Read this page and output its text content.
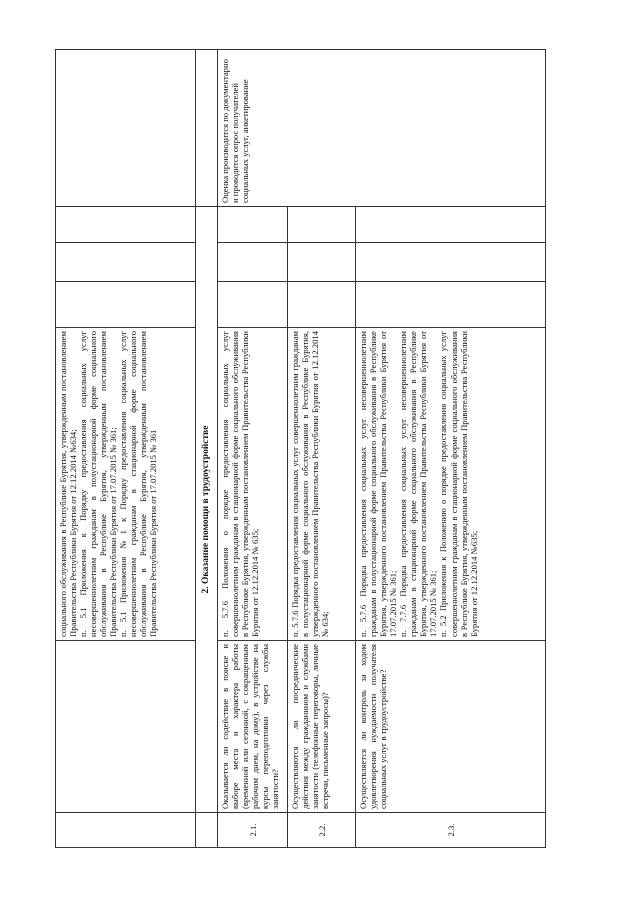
		социального обслуживания в Республике Бурятия, утвержденным постановлением Правительства Республики Бурятия от 12.12.2014 №634; п. 5.1 Приложения к Порядку предоставления социальных услуг несовершеннолетним гражданам в полустационарной форме социального обслуживания в Республике Бурятия, утвержденным постановлением Правительства Республики Бурятия от 17.07.2015 № 361; п. 5.1 Приложения №1 к Порядку предоставления социальных услуг несовершеннолетним гражданам в стационарной форме социального обслуживания в Республике Бурятия, утвержденным постановлением Правительства Республики Бурятия от 17.07.2015 № 361				

	2. Оказание помощи в трудоустройстве					
2.1.	Оказывается ли содействие в поиске и выборе места и характера работы (временной или сезонной, с сокращенным рабочим днем, на дому), в устройстве на курсы переподготовки через службы занятости?	п. 5.7.6 Положения о порядке предоставления социальных услуг совершеннолетним гражданам в стационарной форме социального обслуживания в Республике Бурятия, утвержденным постановлением Правительства Республики Бурятия от 12.12.2014 № 635;				Оценка производится по документарно и проводится опрос получателей социальных услуг, анкетирование
2.2.	Осуществляются ли посреднические действия между гражданином и службами занятости (телефонные переговоры, личные встречи, письменные запросы)?	п. 5.7.6 Порядка предоставления социальных услуг совершеннолетним гражданам в полустационарной форме социального обслуживания в Республике Бурятия, утвержденного постановлением Правительства Республики Бурятия от 12.12.2014 № 634;				

2.3.	Осуществляется ли контроль за ходом удовлетворения нуждаемости получателя социальных услуг в трудоустройстве?	п. 5.7.6 Порядка предоставления социальных услуг несовершеннолетним гражданам в полустационарной форме социального обслуживания в Республике Бурятия, утвержденного постановлением Правительства Республики Бурятия от 17.07.2015 № 361; п. 7.7.6 Порядка предоставления социальных услуг несовершеннолетним гражданам в стационарной форме социального обслуживания в Республике Бурятия, утвержденного постановлением Правительства Республики Бурятия от 17.07.2015 № 361; п. 5.2 Приложения к Положению о порядке предоставления социальных услуг совершеннолетним гражданам в стационарной форме социального обслуживания в Республике Бурятия, утвержденным постановлением Правительства Республики Бурятия от 12.12.2014 №635;				
